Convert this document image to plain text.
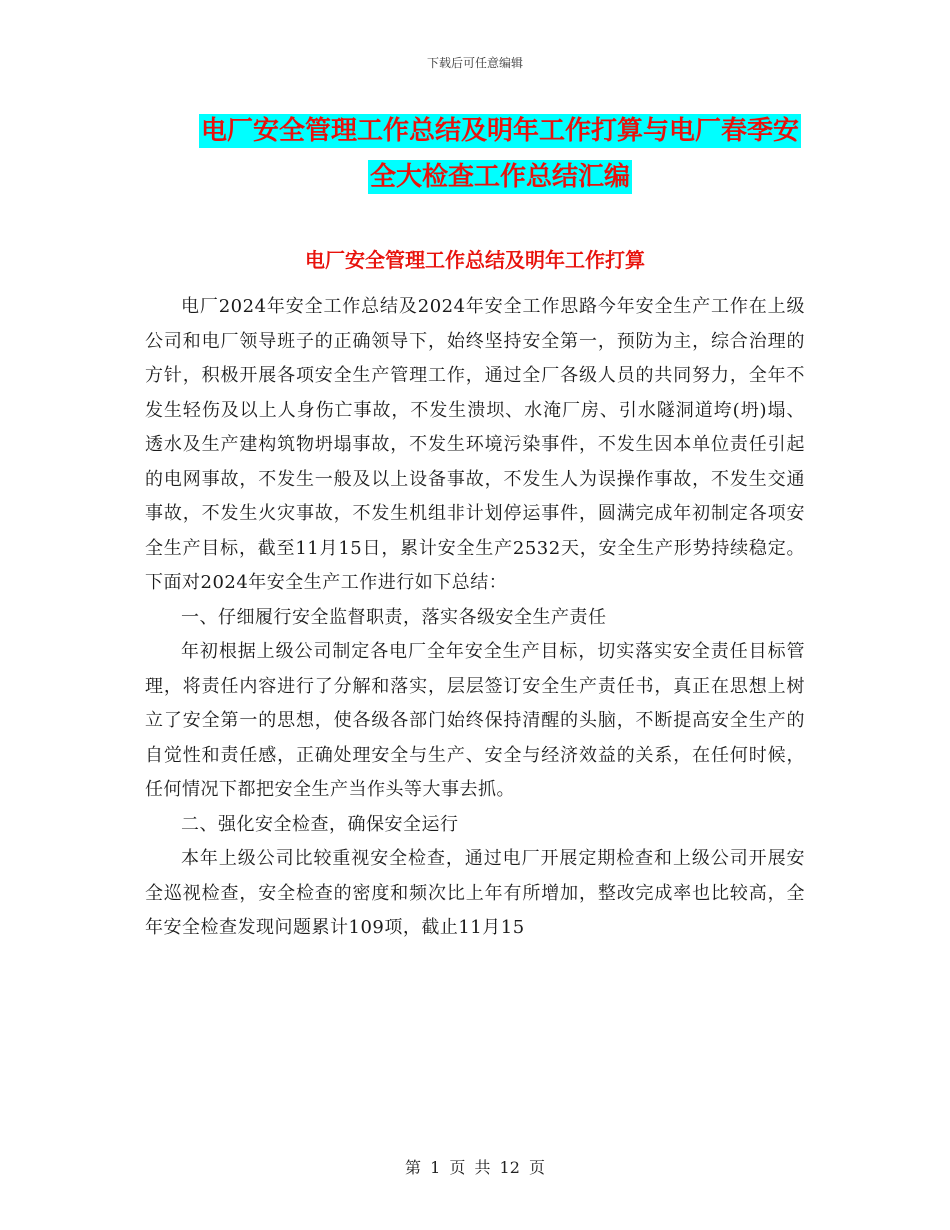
下载后可任意编辑
电厂安全管理工作总结及明年工作打算与电厂春季安
全大检查工作总结汇编
电厂安全管理工作总结及明年工作打算

电厂2024年安全工作总结及2024年安全工作思路今年安全生产工作在上级公司和电厂领导班子的正确领导下，始终坚持安全第一，预防为主，综合治理的方针，积极开展各项安全生产管理工作，通过全厂各级人员的共同努力，全年不发生轻伤及以上人身伤亡事故，不发生溃坝、水淹厂房、引水隧洞道垮(坍)塌、透水及生产建构筑物坍塌事故，不发生环境污染事件，不发生因本单位责任引起的电网事故，不发生一般及以上设备事故，不发生人为误操作事故，不发生交通事故，不发生火灾事故，不发生机组非计划停运事件，圆满完成年初制定各项安全生产目标，截至11月15日，累计安全生产2532天，安全生产形势持续稳定。下面对2024年安全生产工作进行如下总结：

一、仔细履行安全监督职责，落实各级安全生产责任

年初根据上级公司制定各电厂全年安全生产目标，切实落实安全责任目标管理，将责任内容进行了分解和落实，层层签订安全生产责任书，真正在思想上树立了安全第一的思想，使各级各部门始终保持清醒的头脑，不断提高安全生产的自觉性和责任感，正确处理安全与生产、安全与经济效益的关系，在任何时候，任何情况下都把安全生产当作头等大事去抓。

二、强化安全检查，确保安全运行

本年上级公司比较重视安全检查，通过电厂开展定期检查和上级公司开展安全巡视检查，安全检查的密度和频次比上年有所增加，整改完成率也比较高，全年安全检查发现问题累计109项，截止11月15

第 1 页 共 12 页
